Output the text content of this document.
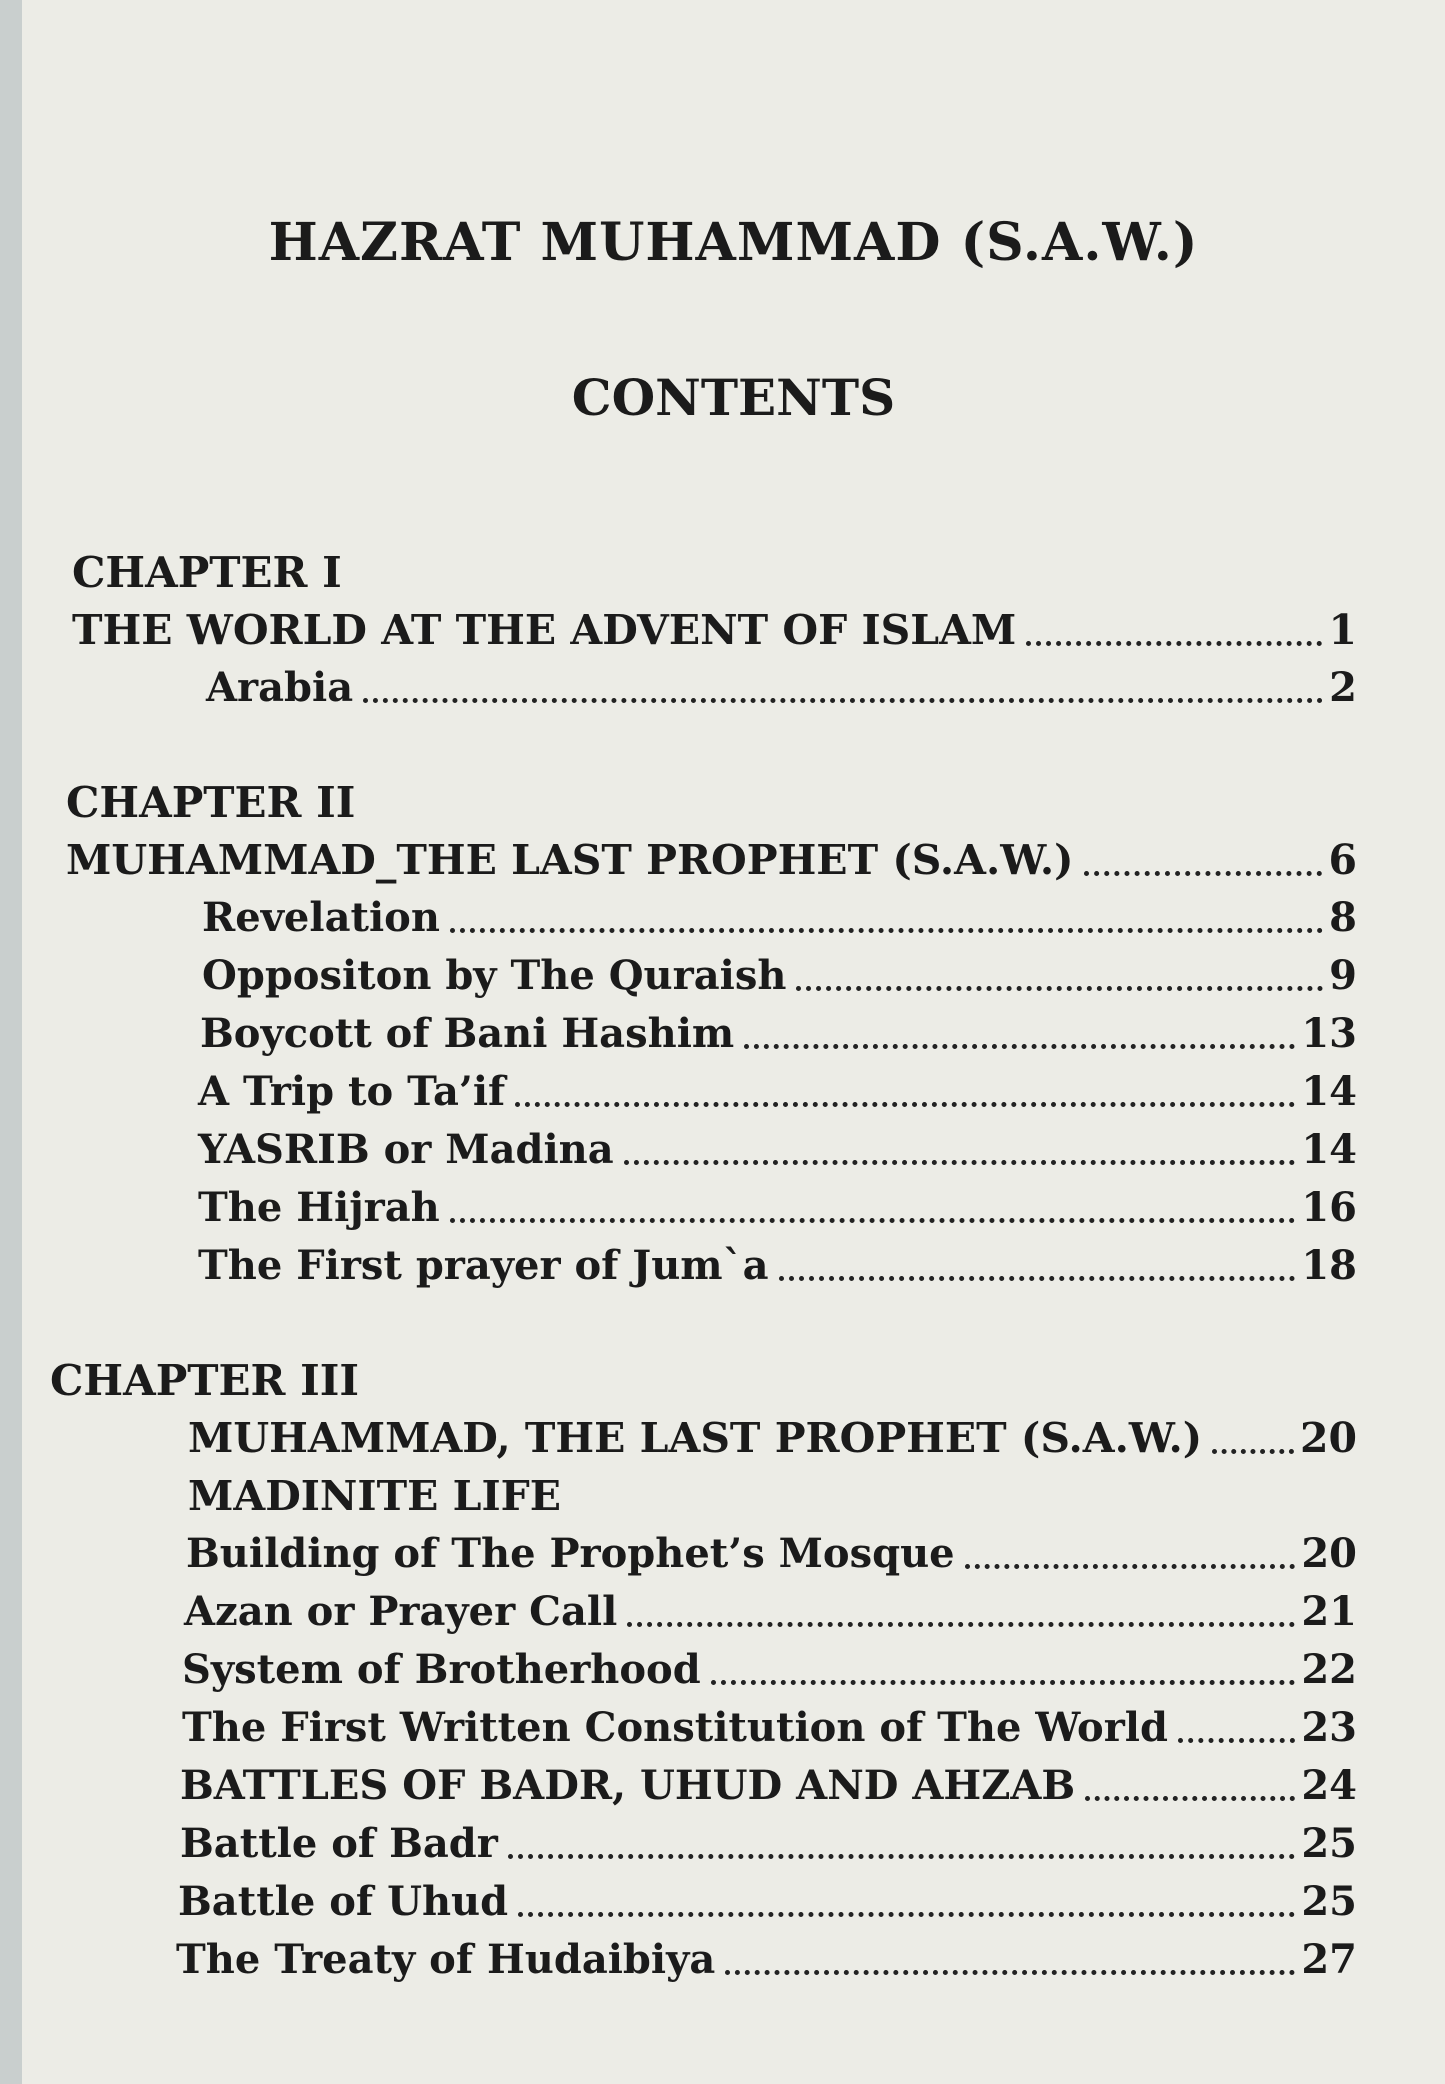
HAZRAT MUHAMMAD (S.A.W.)
CONTENTS
CHAPTER I
THE WORLD AT THE ADVENT OF ISLAM	1
Arabia	2
CHAPTER II
MUHAMMAD_THE LAST PROPHET (S.A.W.)	6
Revelation	8
Oppositon by The Quraish	9
Boycott of Bani Hashim	13
A Trip to Ta’if	14
YASRIB or Madina	14
The Hijrah	16
The First prayer of Jum`a	18
CHAPTER III
MUHAMMAD, THE LAST PROPHET (S.A.W.) 20
MADINITE LIFE
Building of The Prophet’s Mosque	20
Azan or Prayer Call	21
System of Brotherhood	22
The First Written Constitution of The World	23
BATTLES OF BADR, UHUD AND AHZAB	24
Battle of Badr	25
Battle of Uhud	25
The Treaty of Hudaibiya	27
